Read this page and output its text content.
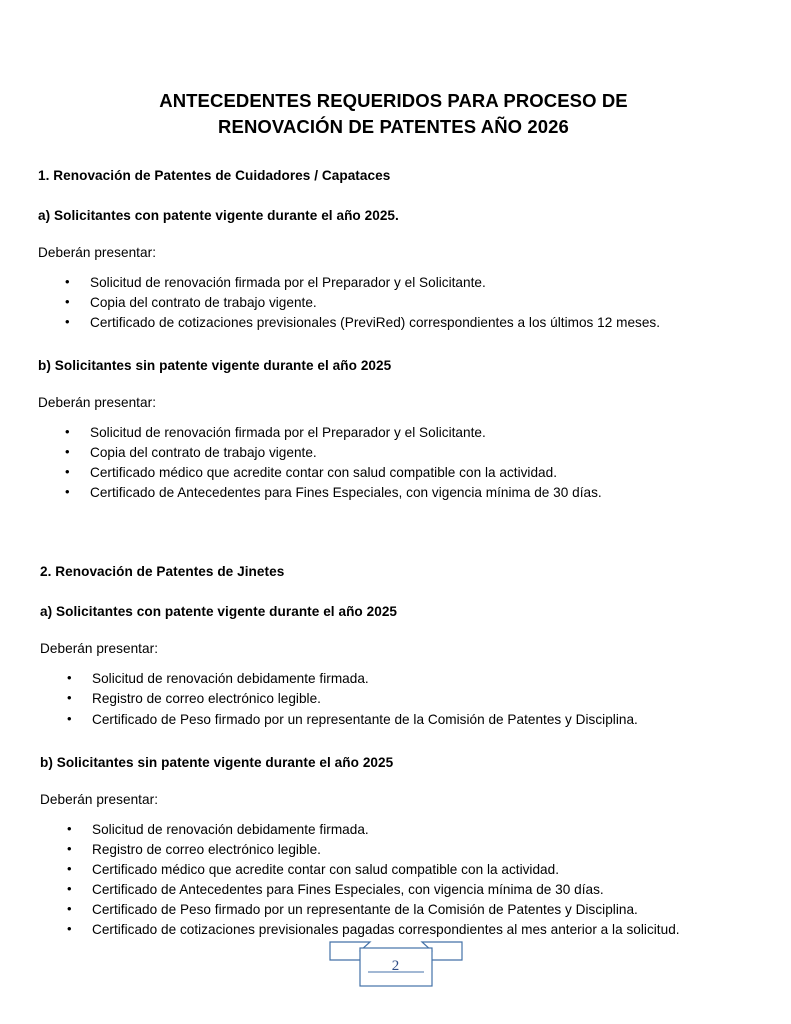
ANTECEDENTES REQUERIDOS PARA PROCESO DE
RENOVACIÓN DE PATENTES AÑO 2026
1. Renovación de Patentes de Cuidadores / Capataces
a) Solicitantes con patente vigente durante el año 2025.
Deberán presentar:
• Solicitud de renovación firmada por el Preparador y el Solicitante.
• Copia del contrato de trabajo vigente.
• Certificado de cotizaciones previsionales (PreviRed) correspondientes a los últimos 12 meses.
b) Solicitantes sin patente vigente durante el año 2025
Deberán presentar:
• Solicitud de renovación firmada por el Preparador y el Solicitante.
• Copia del contrato de trabajo vigente.
• Certificado médico que acredite contar con salud compatible con la actividad.
• Certificado de Antecedentes para Fines Especiales, con vigencia mínima de 30 días.
2. Renovación de Patentes de Jinetes
a) Solicitantes con patente vigente durante el año 2025
Deberán presentar:
• Solicitud de renovación debidamente firmada.
• Registro de correo electrónico legible.
• Certificado de Peso firmado por un representante de la Comisión de Patentes y Disciplina.
b) Solicitantes sin patente vigente durante el año 2025
Deberán presentar:
• Solicitud de renovación debidamente firmada.
• Registro de correo electrónico legible.
• Certificado médico que acredite contar con salud compatible con la actividad.
• Certificado de Antecedentes para Fines Especiales, con vigencia mínima de 30 días.
• Certificado de Peso firmado por un representante de la Comisión de Patentes y Disciplina.
• Certificado de cotizaciones previsionales pagadas correspondientes al mes anterior a la solicitud.
2
